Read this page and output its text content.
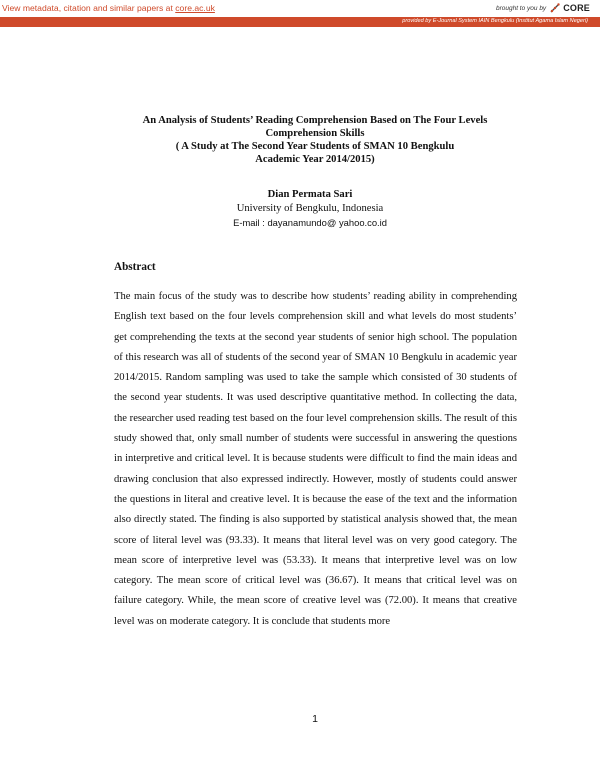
View metadata, citation and similar papers at core.ac.uk	brought to you by CORE
provided by E-Journal System IAIN Bengkulu (Institut Agama Islam Negeri)
An Analysis of Students’ Reading Comprehension Based on The Four Levels
Comprehension Skills
( A Study at The Second Year Students of SMAN 10 Bengkulu
Academic Year 2014/2015)
Dian Permata Sari
University of Bengkulu, Indonesia
E-mail : dayanamundo@ yahoo.co.id
Abstract

The main focus of the study was to describe how students’ reading ability in comprehending English text based on the four levels comprehension skill and what levels do most students’ get comprehending the texts at the second year students of senior high school. The population of this research was all of students of the second year of SMAN 10 Bengkulu in academic year 2014/2015. Random sampling was used to take the sample which consisted of 30 students of the second year students. It was used descriptive quantitative method. In collecting the data, the researcher used reading test based on the four level comprehension skills. The result of this study showed that, only small number of students were successful in answering the questions in interpretive and critical level. It is because students were difficult to find the main ideas and drawing conclusion that also expressed indirectly. However, mostly of students could answer the questions in literal and creative level. It is because the ease of the text and the information also directly stated. The finding is also supported by statistical analysis showed that, the mean score of literal level was (93.33). It means that literal level was on very good category. The mean score of interpretive level was (53.33). It means that interpretive level was on low category. The mean score of critical level was (36.67). It means that critical level was on failure category. While, the mean score of creative level was (72.00). It means that creative level was on moderate category. It is conclude that students more

1
